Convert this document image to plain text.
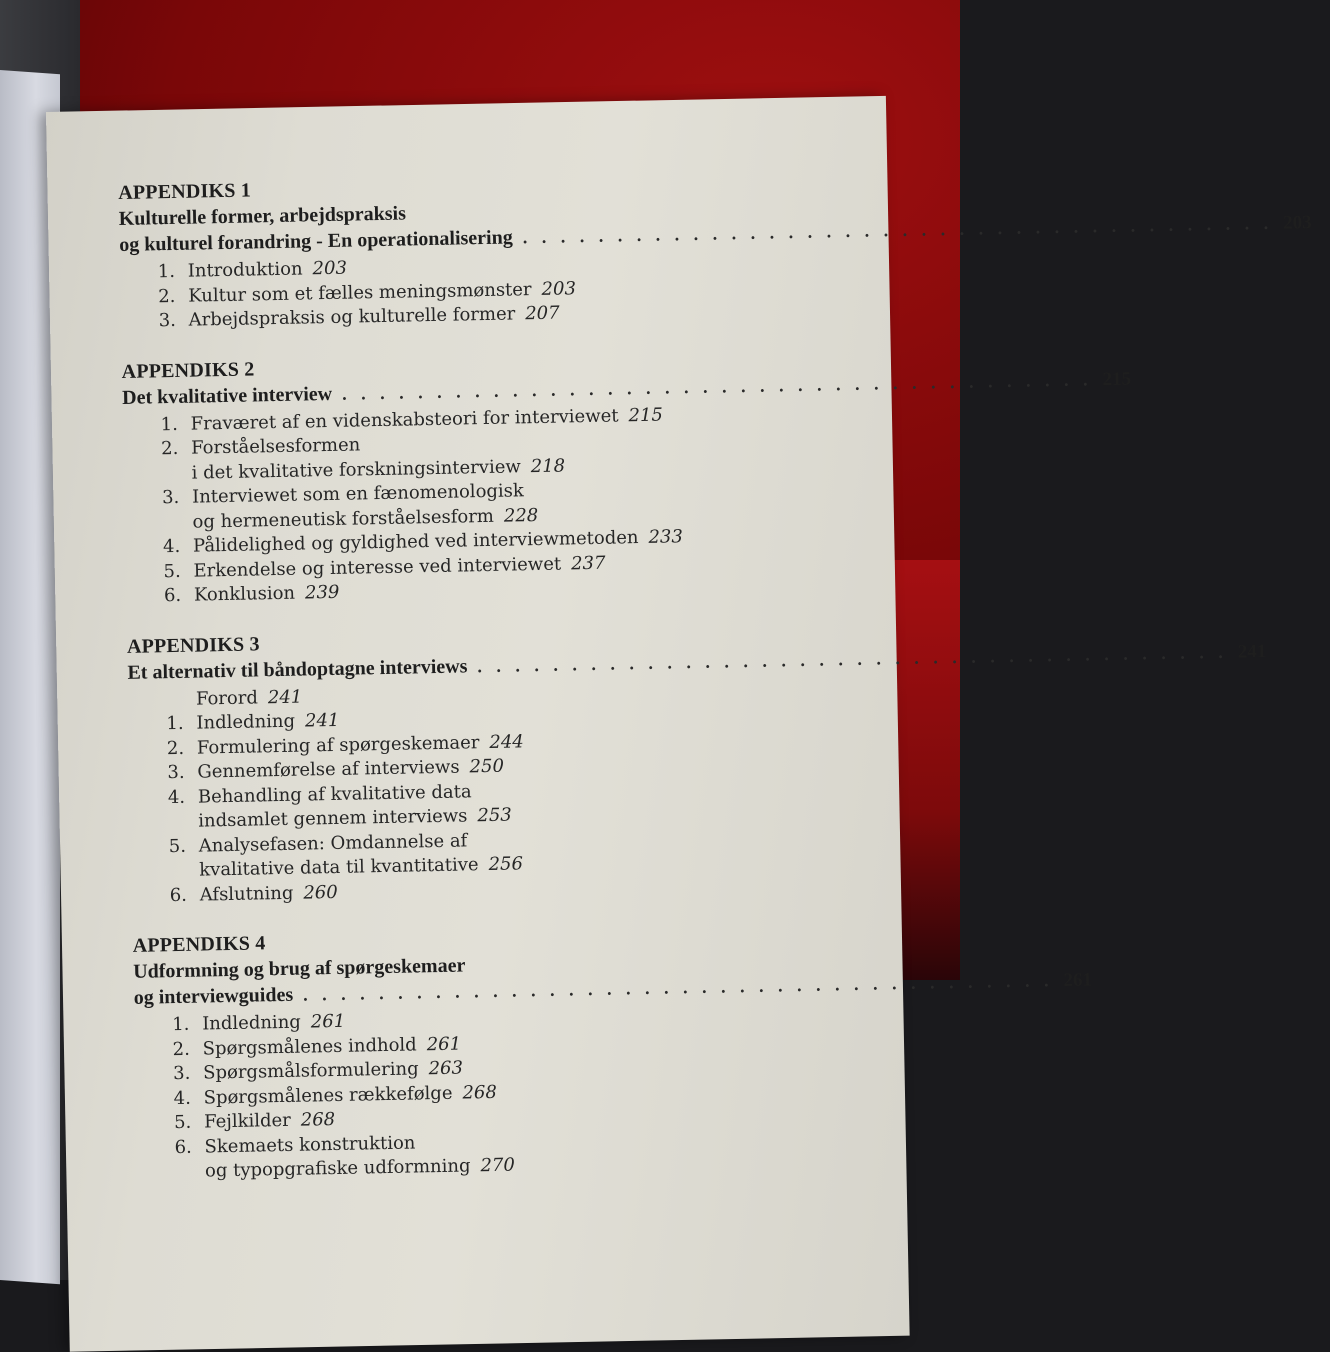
APPENDIKS 1
Kulturelle former, arbejdspraksis
og kulturel forandring - En operationalisering . . . . . . . . . . . . . . . . . . . . . . . . . . . . . . . . . . . . . . . . 203
1. Introduktion 203
2. Kultur som et fælles meningsmønster 203
3. Arbejdspraksis og kulturelle former 207
APPENDIKS 2
Det kvalitative interview . . . . . . . . . . . . . . . . . . . . . . . . . . . . . . . . . . . . . . . . 215
1. Fraværet af en videnskabsteori for interviewet 215
2. Forståelsesformen
i det kvalitative forskningsinterview 218
3. Interviewet som en fænomenologisk
og hermeneutisk forståelsesform 228
4. Pålidelighed og gyldighed ved interviewmetoden 233
5. Erkendelse og interesse ved interviewet 237
6. Konklusion 239
APPENDIKS 3
Et alternativ til båndoptagne interviews . . . . . . . . . . . . . . . . . . . . . . . . . . . . . . . . . . . . . . . . 241
Forord 241
1. Indledning 241
2. Formulering af spørgeskemaer 244
3. Gennemførelse af interviews 250
4. Behandling af kvalitative data
indsamlet gennem interviews 253
5. Analysefasen: Omdannelse af
kvalitative data til kvantitative 256
6. Afslutning 260
APPENDIKS 4
Udformning og brug af spørgeskemaer
og interviewguides . . . . . . . . . . . . . . . . . . . . . . . . . . . . . . . . . . . . . . . . 261
1. Indledning 261
2. Spørgsmålenes indhold 261
3. Spørgsmålsformulering 263
4. Spørgsmålenes rækkefølge 268
5. Fejlkilder 268
6. Skemaets konstruktion
og typopgrafiske udformning 270
